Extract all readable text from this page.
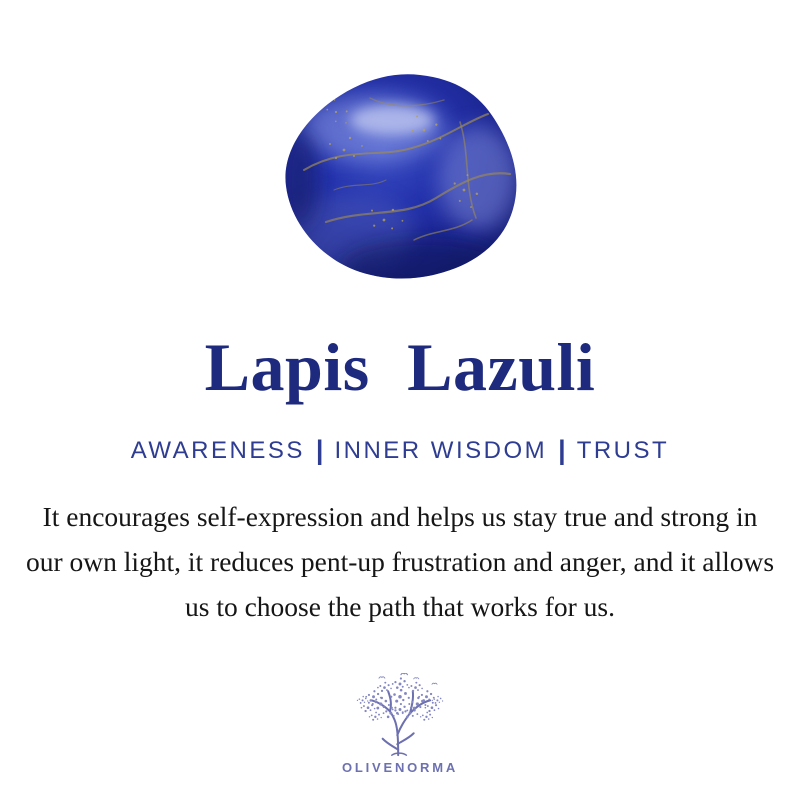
Lapis Lazuli
AWARENESS | INNER WISDOM | TRUST
It encourages self-expression and helps us stay true and strong in our own light, it reduces pent-up frustration and anger, and it allows us to choose the path that works for us.
OLIVENORMA
